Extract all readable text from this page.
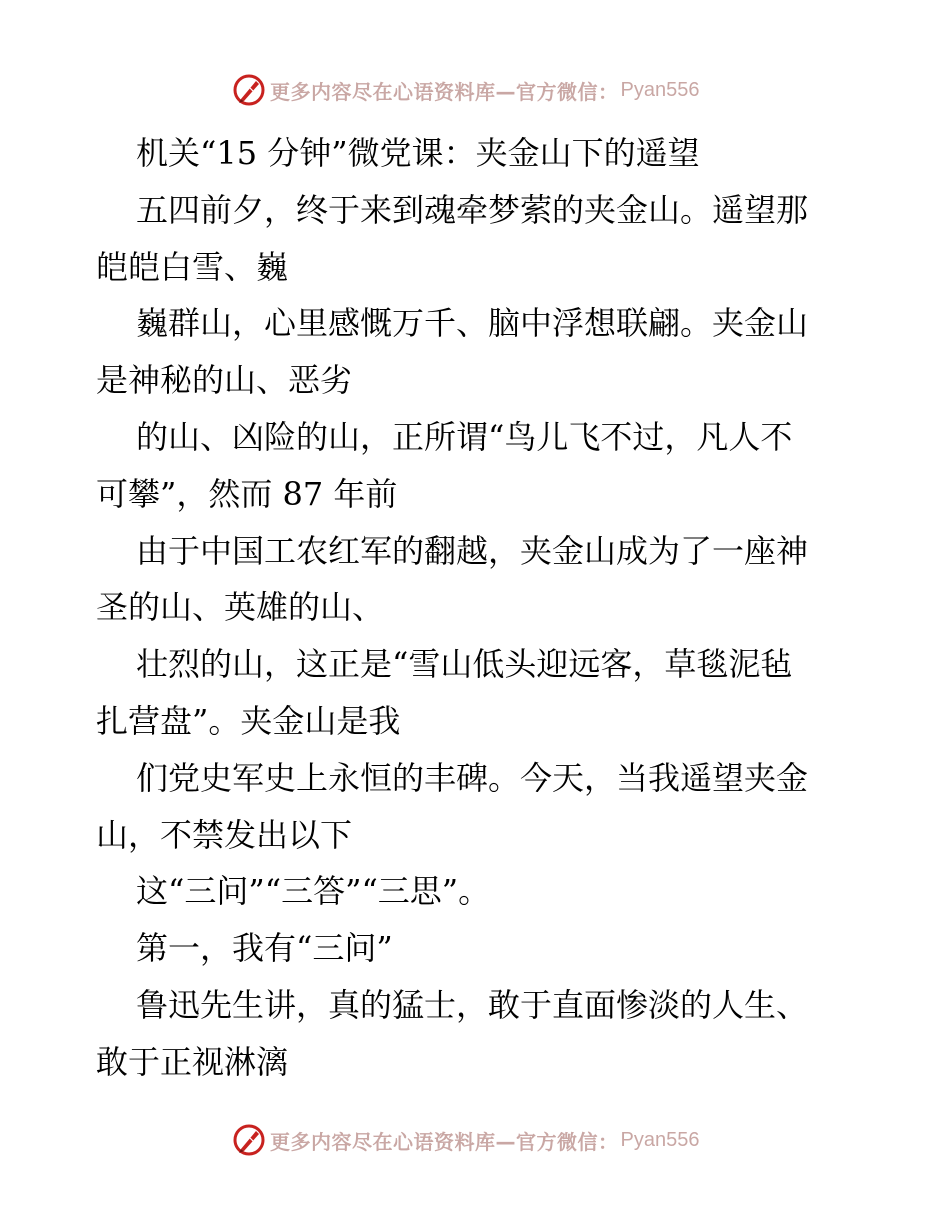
更多内容尽在心语资料库—官方微信： Pyan556
机关“15 分钟”微党课：夹金山下的遥望
五四前夕，终于来到魂牵梦萦的夹金山。遥望那
皑皑白雪、巍
巍群山，心里感慨万千、脑中浮想联翩。夹金山
是神秘的山、恶劣
的山、凶险的山，正所谓“鸟儿飞不过，凡人不
可攀”，然而 87 年前
由于中国工农红军的翻越，夹金山成为了一座神
圣的山、英雄的山、
壮烈的山，这正是“雪山低头迎远客，草毯泥毡
扎营盘”。夹金山是我
们党史军史上永恒的丰碑。今天，当我遥望夹金
山，不禁发出以下
这“三问”“三答”“三思”。
第一，我有“三问”
鲁迅先生讲，真的猛士，敢于直面惨淡的人生、
敢于正视淋漓
更多内容尽在心语资料库—官方微信： Pyan556
